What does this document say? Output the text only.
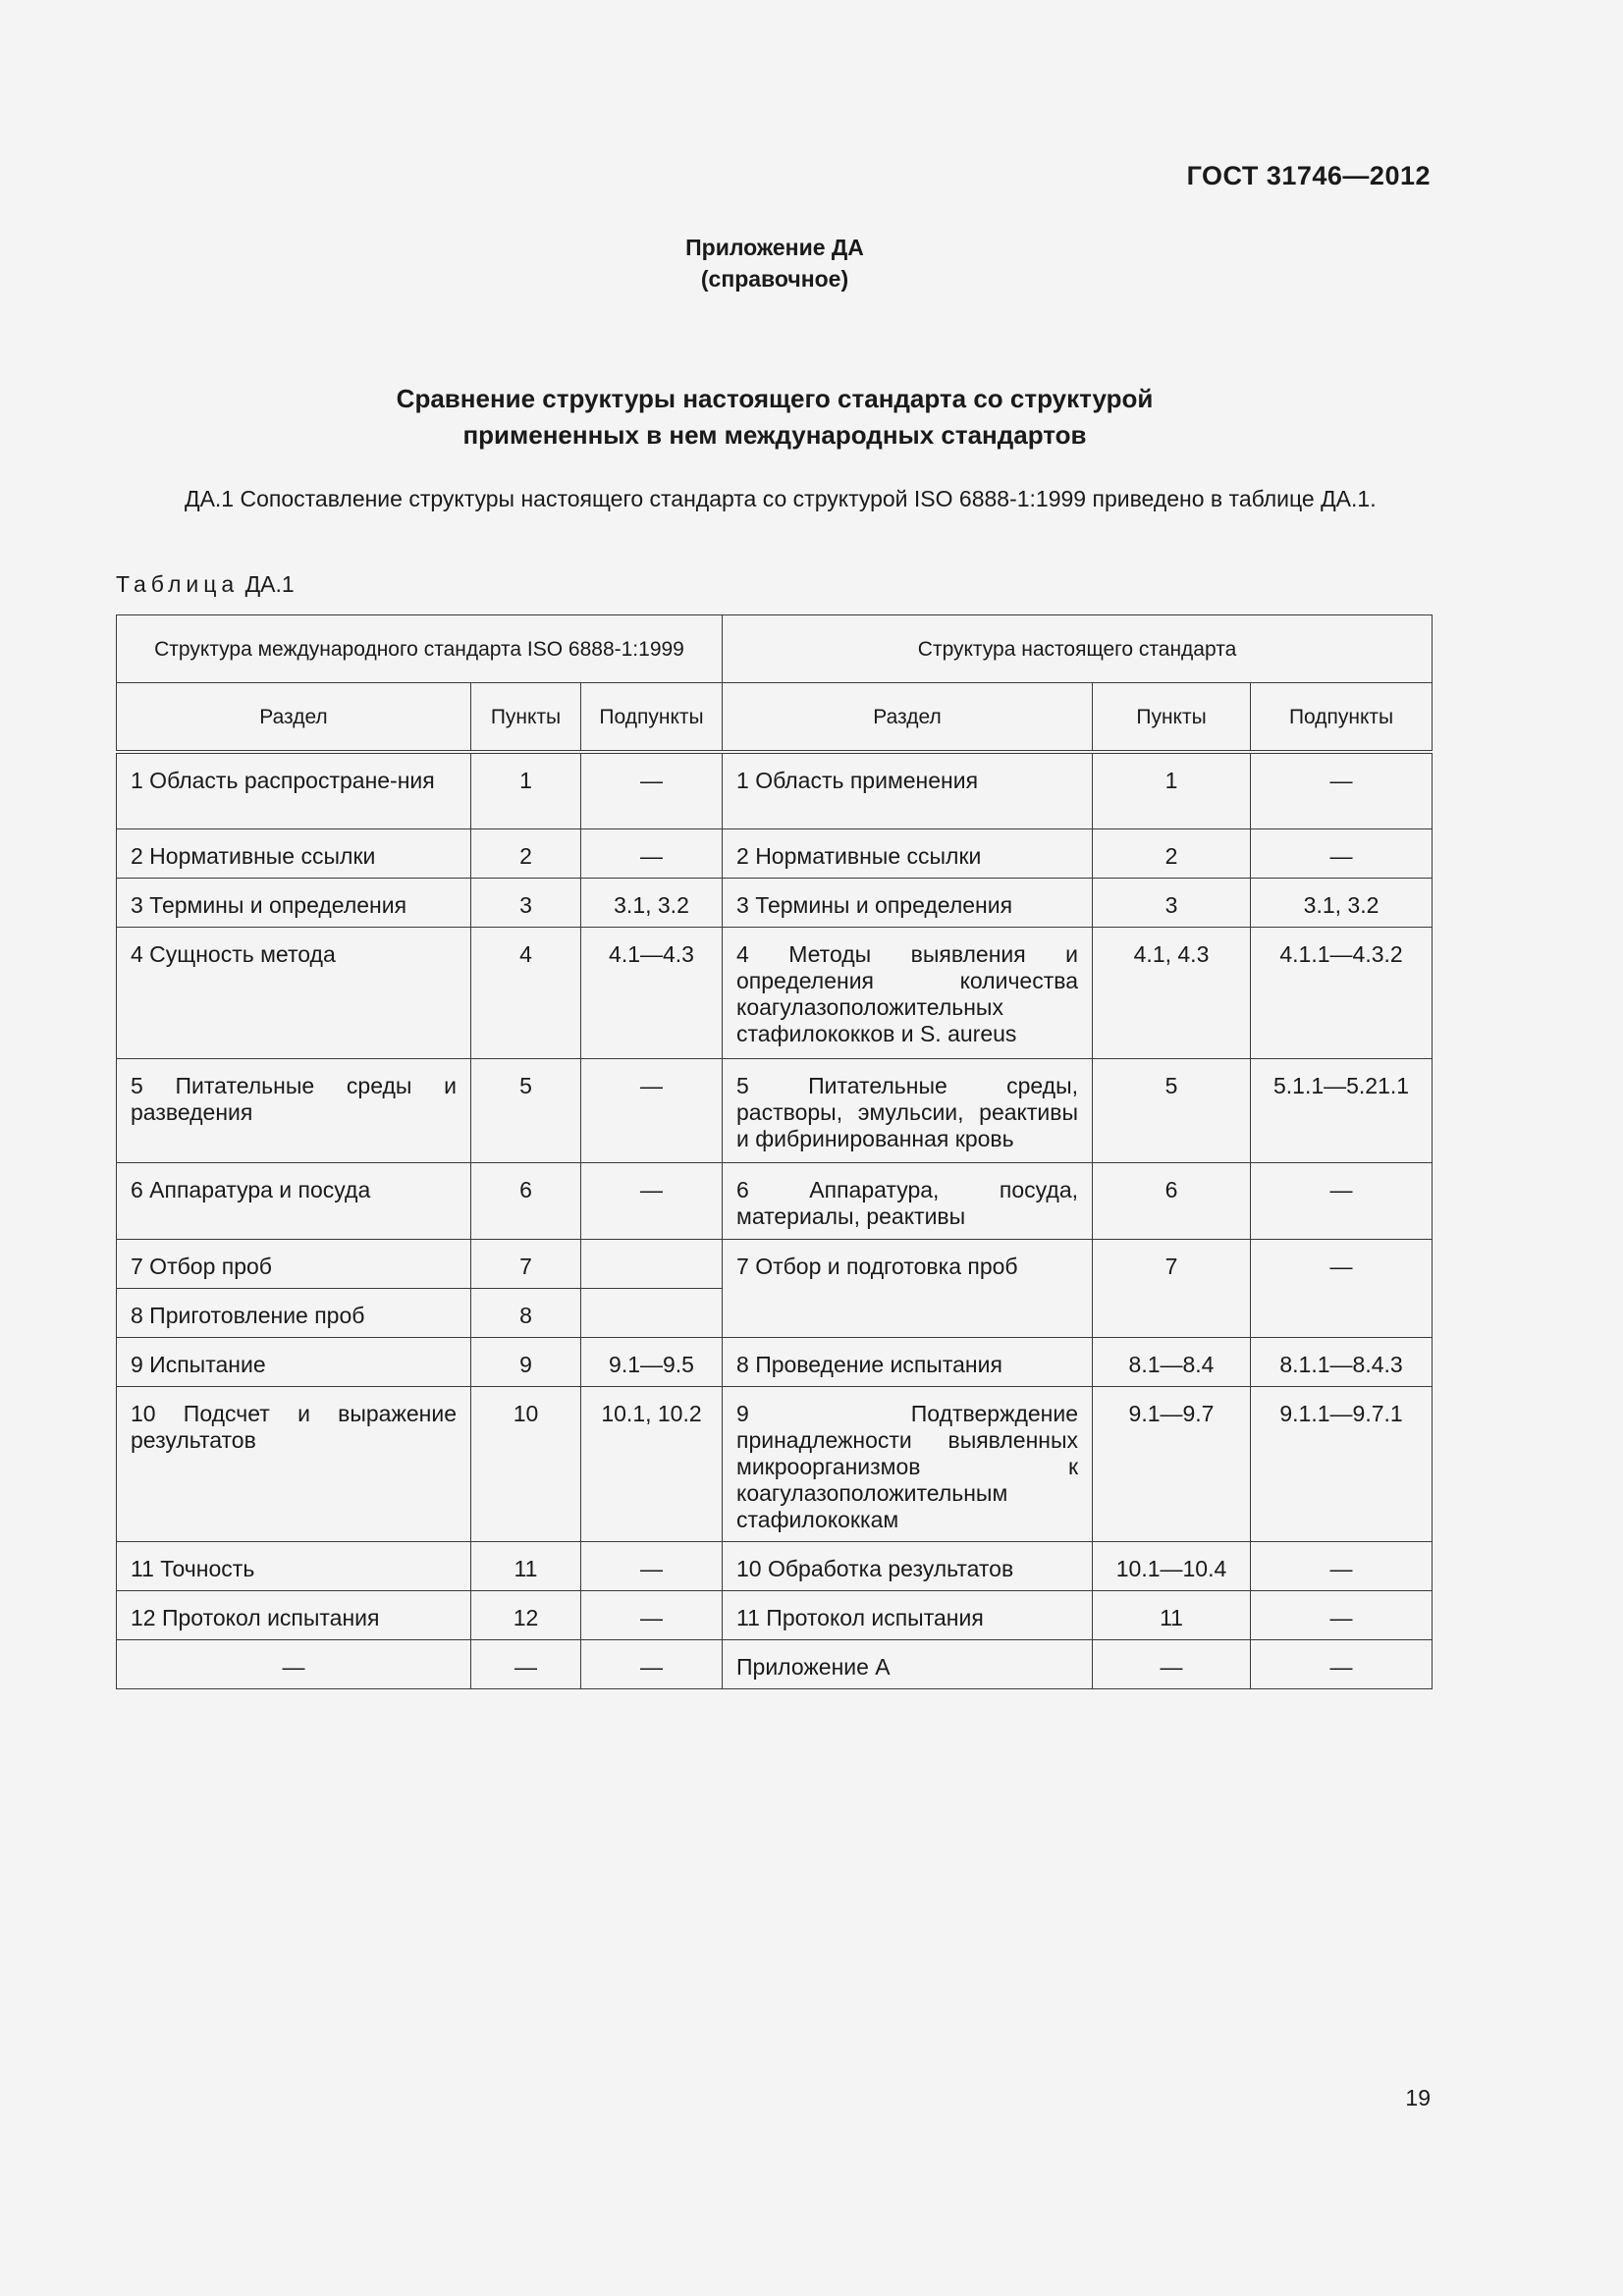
ГОСТ 31746—2012
Приложение ДА
(справочное)
Сравнение структуры настоящего стандарта со структурой
примененных в нем международных стандартов

ДА.1 Сопоставление структуры настоящего стандарта со структурой ISO 6888-1:1999 приведено в таблице ДА.1.

Таблица ДА.1
Структура международного стандарта ISO 6888-1:1999			Структура настоящего стандарта		
Раздел	Пункты	Подпункты	Раздел	Пункты	Подпункты
1 Область распростране-ния	1	—	1 Область применения	1	—
2 Нормативные ссылки	2	—	2 Нормативные ссылки	2	—
3 Термины и определения	3	3.1, 3.2	3 Термины и определения	3	3.1, 3.2
4 Сущность метода	4	4.1—4.3	4 Методы выявления и определения количества коагулазоположительных стафилококков и S. aureus	4.1, 4.3	4.1.1—4.3.2
5 Питательные среды и разведения	5	—	5 Питательные среды, растворы, эмульсии, реактивы и фибринированная кровь	5	5.1.1—5.21.1
6 Аппаратура и посуда	6	—	6 Аппаратура, посуда, материалы, реактивы	6	—
7 Отбор проб	7		7 Отбор и подготовка проб	7	—
8 Приготовление проб	8				
9 Испытание	9	9.1—9.5	8 Проведение испытания	8.1—8.4	8.1.1—8.4.3
10 Подсчет и выражение результатов	10	10.1, 10.2	9 Подтверждение принадлежности выявленных микроорганизмов к коагулазоположительным стафилококкам	9.1—9.7	9.1.1—9.7.1
11 Точность	11	—	10 Обработка результатов	10.1—10.4	—
12 Протокол испытания	12	—	11 Протокол испытания	11	—
—	—	—	Приложение А	—	—
19
